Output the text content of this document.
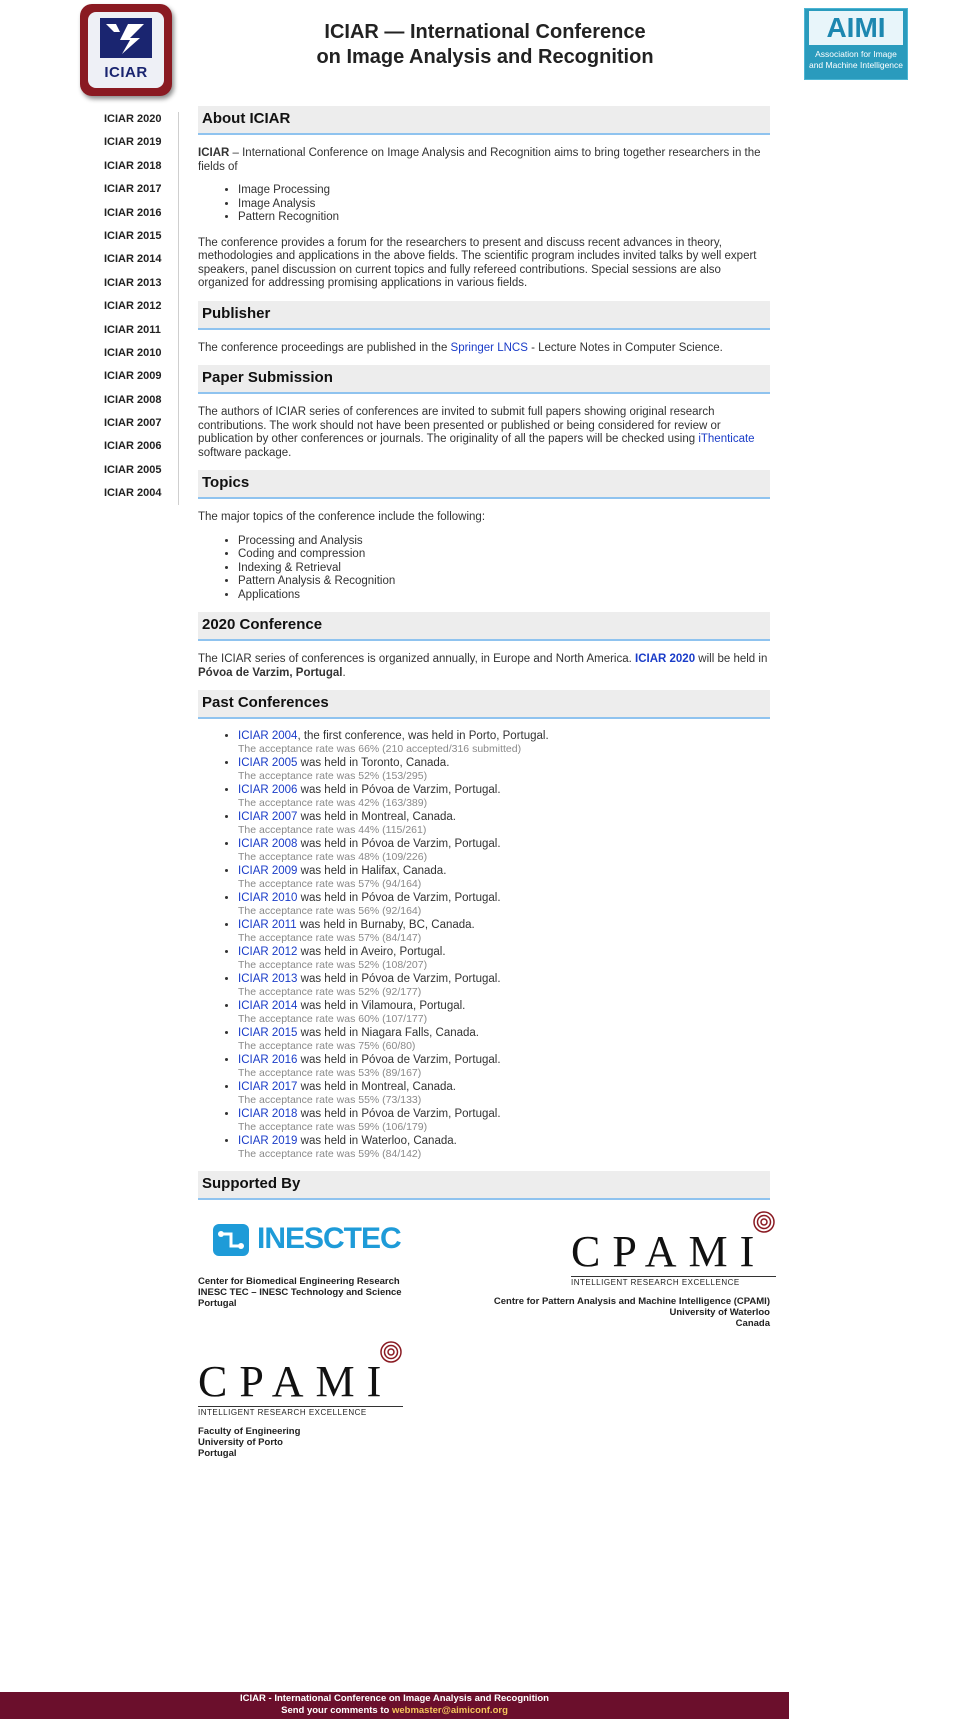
ICIAR
ICIAR — International Conference
on Image Analysis and Recognition
AIMI
Association for Image
and Machine Intelligence
ICIAR 2020
ICIAR 2019
ICIAR 2018
ICIAR 2017
ICIAR 2016
ICIAR 2015
ICIAR 2014
ICIAR 2013
ICIAR 2012
ICIAR 2011
ICIAR 2010
ICIAR 2009
ICIAR 2008
ICIAR 2007
ICIAR 2006
ICIAR 2005
ICIAR 2004
About ICIAR

ICIAR – International Conference on Image Analysis and Recognition aims to bring together researchers in the fields of

• Image Processing
• Image Analysis
• Pattern Recognition

The conference provides a forum for the researchers to present and discuss recent advances in theory, methodologies and applications in the above fields. The scientific program includes invited talks by well expert speakers, panel discussion on current topics and fully refereed contributions. Special sessions are also organized for addressing promising applications in various fields.

Publisher

The conference proceedings are published in the Springer LNCS - Lecture Notes in Computer Science.

Paper Submission

The authors of ICIAR series of conferences are invited to submit full papers showing original research contributions. The work should not have been presented or published or being considered for review or publication by other conferences or journals. The originality of all the papers will be checked using iThenticate software package.

Topics

The major topics of the conference include the following:

• Processing and Analysis
• Coding and compression
• Indexing & Retrieval
• Pattern Analysis & Recognition
• Applications
2020 Conference

The ICIAR series of conferences is organized annually, in Europe and North America. ICIAR 2020 will be held in Póvoa de Varzim, Portugal.

Past Conferences
• ICIAR 2004, the first conference, was held in Porto, Portugal.
The acceptance rate was 66% (210 accepted/316 submitted)
• ICIAR 2005 was held in Toronto, Canada.
The acceptance rate was 52% (153/295)
• ICIAR 2006 was held in Póvoa de Varzim, Portugal.
The acceptance rate was 42% (163/389)
• ICIAR 2007 was held in Montreal, Canada.
The acceptance rate was 44% (115/261)
• ICIAR 2008 was held in Póvoa de Varzim, Portugal.
The acceptance rate was 48% (109/226)
• ICIAR 2009 was held in Halifax, Canada.
The acceptance rate was 57% (94/164)
• ICIAR 2010 was held in Póvoa de Varzim, Portugal.
The acceptance rate was 56% (92/164)
• ICIAR 2011 was held in Burnaby, BC, Canada.
The acceptance rate was 57% (84/147)
• ICIAR 2012 was held in Aveiro, Portugal.
The acceptance rate was 52% (108/207)
• ICIAR 2013 was held in Póvoa de Varzim, Portugal.
The acceptance rate was 52% (92/177)
• ICIAR 2014 was held in Vilamoura, Portugal.
The acceptance rate was 60% (107/177)
• ICIAR 2015 was held in Niagara Falls, Canada.
The acceptance rate was 75% (60/80)
• ICIAR 2016 was held in Póvoa de Varzim, Portugal.
The acceptance rate was 53% (89/167)
• ICIAR 2017 was held in Montreal, Canada.
The acceptance rate was 55% (73/133)
• ICIAR 2018 was held in Póvoa de Varzim, Portugal.
The acceptance rate was 59% (106/179)
• ICIAR 2019 was held in Waterloo, Canada.
The acceptance rate was 59% (84/142)
Supported By
INESCTEC
Center for Biomedical Engineering Research
INESC TEC – INESC Technology and Science
Portugal
CPAMI
INTELLIGENT RESEARCH EXCELLENCE
Centre for Pattern Analysis and Machine Intelligence (CPAMI)
University of Waterloo
Canada
CPAMI
INTELLIGENT RESEARCH EXCELLENCE
Faculty of Engineering
University of Porto
Portugal
ICIAR - International Conference on Image Analysis and Recognition
Send your comments to webmaster@aimiconf.org
